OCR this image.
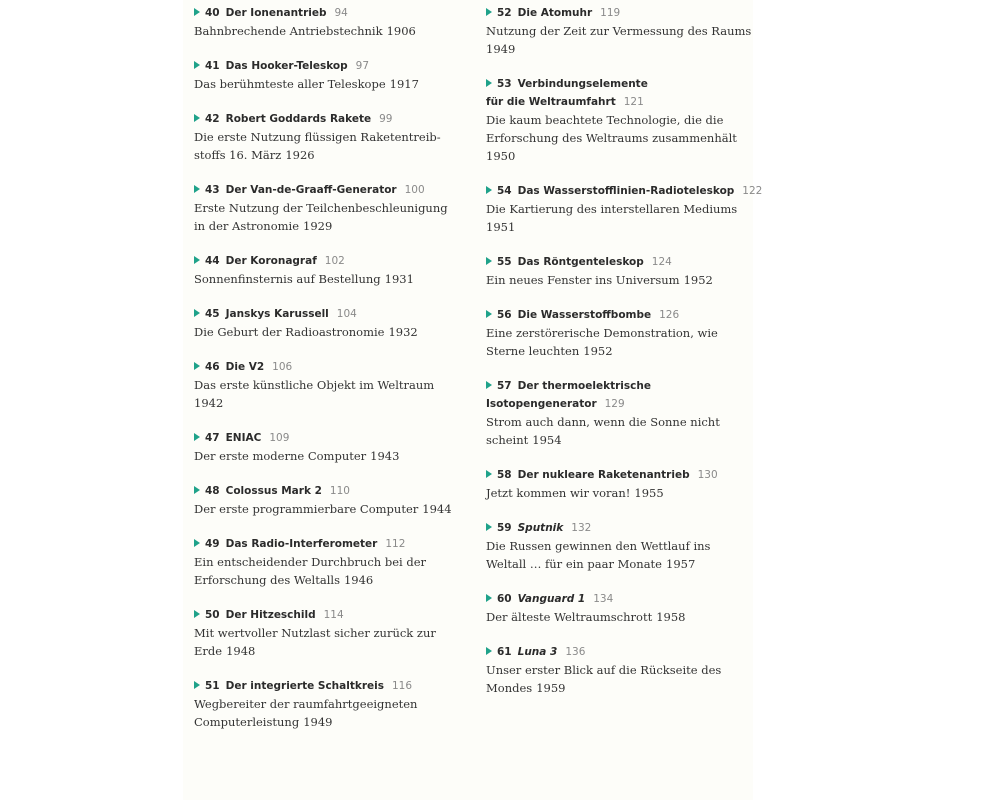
40 Der Ionenantrieb 94
Bahnbrechende Antriebstechnik 1906
41 Das Hooker-Teleskop 97
Das berühmteste aller Teleskope 1917
42 Robert Goddards Rakete 99
Die erste Nutzung flüssigen Raketentreib-
stoffs 16. März 1926
43 Der Van-de-Graaff-Generator 100
Erste Nutzung der Teilchenbeschleunigung
in der Astronomie 1929
44 Der Koronagraf 102
Sonnenfinsternis auf Bestellung 1931
45 Janskys Karussell 104
Die Geburt der Radioastronomie 1932
46 Die V2 106
Das erste künstliche Objekt im Weltraum
1942
47 ENIAC 109
Der erste moderne Computer 1943
48 Colossus Mark 2 110
Der erste programmierbare Computer 1944
49 Das Radio-Interferometer 112
Ein entscheidender Durchbruch bei der
Erforschung des Weltalls 1946
50 Der Hitzeschild 114
Mit wertvoller Nutzlast sicher zurück zur
Erde 1948
51 Der integrierte Schaltkreis 116
Wegbereiter der raumfahrtgeeigneten
Computerleistung 1949
52 Die Atomuhr 119
Nutzung der Zeit zur Vermessung des Raums
1949
53 Verbindungselemente
für die Weltraumfahrt 121
Die kaum beachtete Technologie, die die
Erforschung des Weltraums zusammenhält
1950
54 Das Wasserstofflinien-Radioteleskop 122
Die Kartierung des interstellaren Mediums
1951
55 Das Röntgenteleskop 124
Ein neues Fenster ins Universum 1952
56 Die Wasserstoffbombe 126
Eine zerstörerische Demonstration, wie
Sterne leuchten 1952
57 Der thermoelektrische
Isotopengenerator 129
Strom auch dann, wenn die Sonne nicht
scheint 1954
58 Der nukleare Raketenantrieb 130
Jetzt kommen wir voran! 1955
59 Sputnik 132
Die Russen gewinnen den Wettlauf ins
Weltall … für ein paar Monate 1957
60 Vanguard 1 134
Der älteste Weltraumschrott 1958
61 Luna 3 136
Unser erster Blick auf die Rückseite des
Mondes 1959
